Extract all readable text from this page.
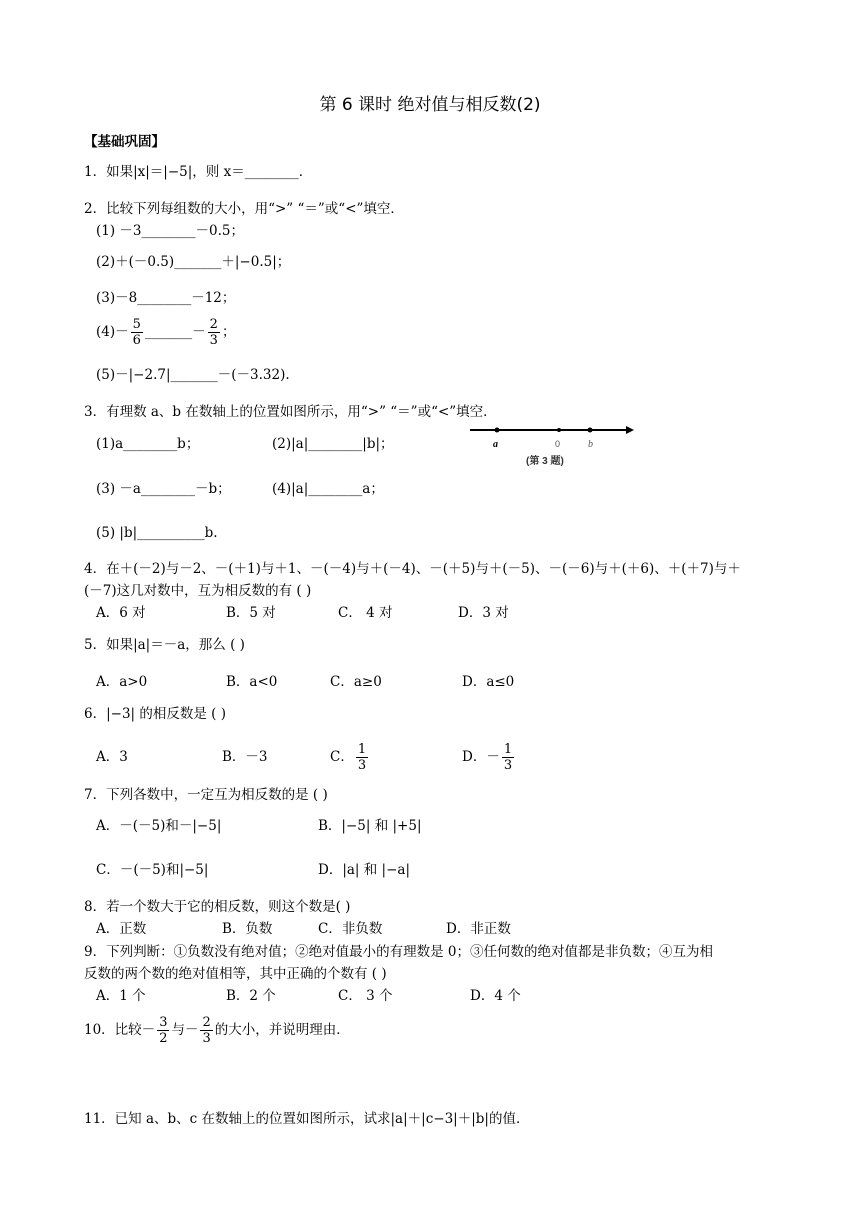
第 6 课时 绝对值与相反数(2)
【基础巩固】
1．如果|x|＝|−5|，则 x＝________．
2．比较下列每组数的大小，用“>” “＝”或“<”填空．
(1) －3________－0.5；
(2)＋(－0.5)_______＋|−0.5|；
(3)－8________－12；
$(4)- \frac{5}{6}$ _______－ $\frac{2}{3}$ ；
(5)－|−2.7|_______－(－3.32).
3．有理数 a、b 在数轴上的位置如图所示，用“>” “＝”或“<”填空．
(1)a________b；	(2)|a|________|b|；
(3) －a________－b；	(4)|a|________a；
(5) |b|__________b.
a	0	b
(第 3 题)
4．在＋(－2)与－2、－(＋1)与＋1、－(－4)与＋(－4)、－(＋5)与＋(－5)、－(－6)与＋(＋6)、＋(＋7)与＋
(－7)这几对数中，互为相反数的有 ( )
A．6 对	B．5 对	C． 4 对	D．3 对
5．如果|a|＝－a，那么 ( )
A．a>0	B．a<0	C．a≥0	D．a≤0
6．|−3| 的相反数是 ( )
A．3	B．－3	C． $\frac{1}{3}$	D．－ $\frac{1}{3}$
7．下列各数中，一定互为相反数的是 ( )
A．－(－5)和－|−5|	B．|−5| 和 |+5|
C．－(－5)和|−5|	D．|a| 和 |−a|
8．若一个数大于它的相反数，则这个数是( )
A．正数	B．负数	C．非负数	D．非正数
9．下列判断：①负数没有绝对值；②绝对值最小的有理数是 0；③任何数的绝对值都是非负数；④互为相
反数的两个数的绝对值相等，其中正确的个数有 ( )
A．1 个	B．2 个	C． 3 个	D．4 个
10．比较－ $\frac{3}{2}$ 与－ $\frac{2}{3}$ 的大小，并说明理由．
11．已知 a、b、c 在数轴上的位置如图所示，试求|a|＋|c−3|＋|b|的值．
